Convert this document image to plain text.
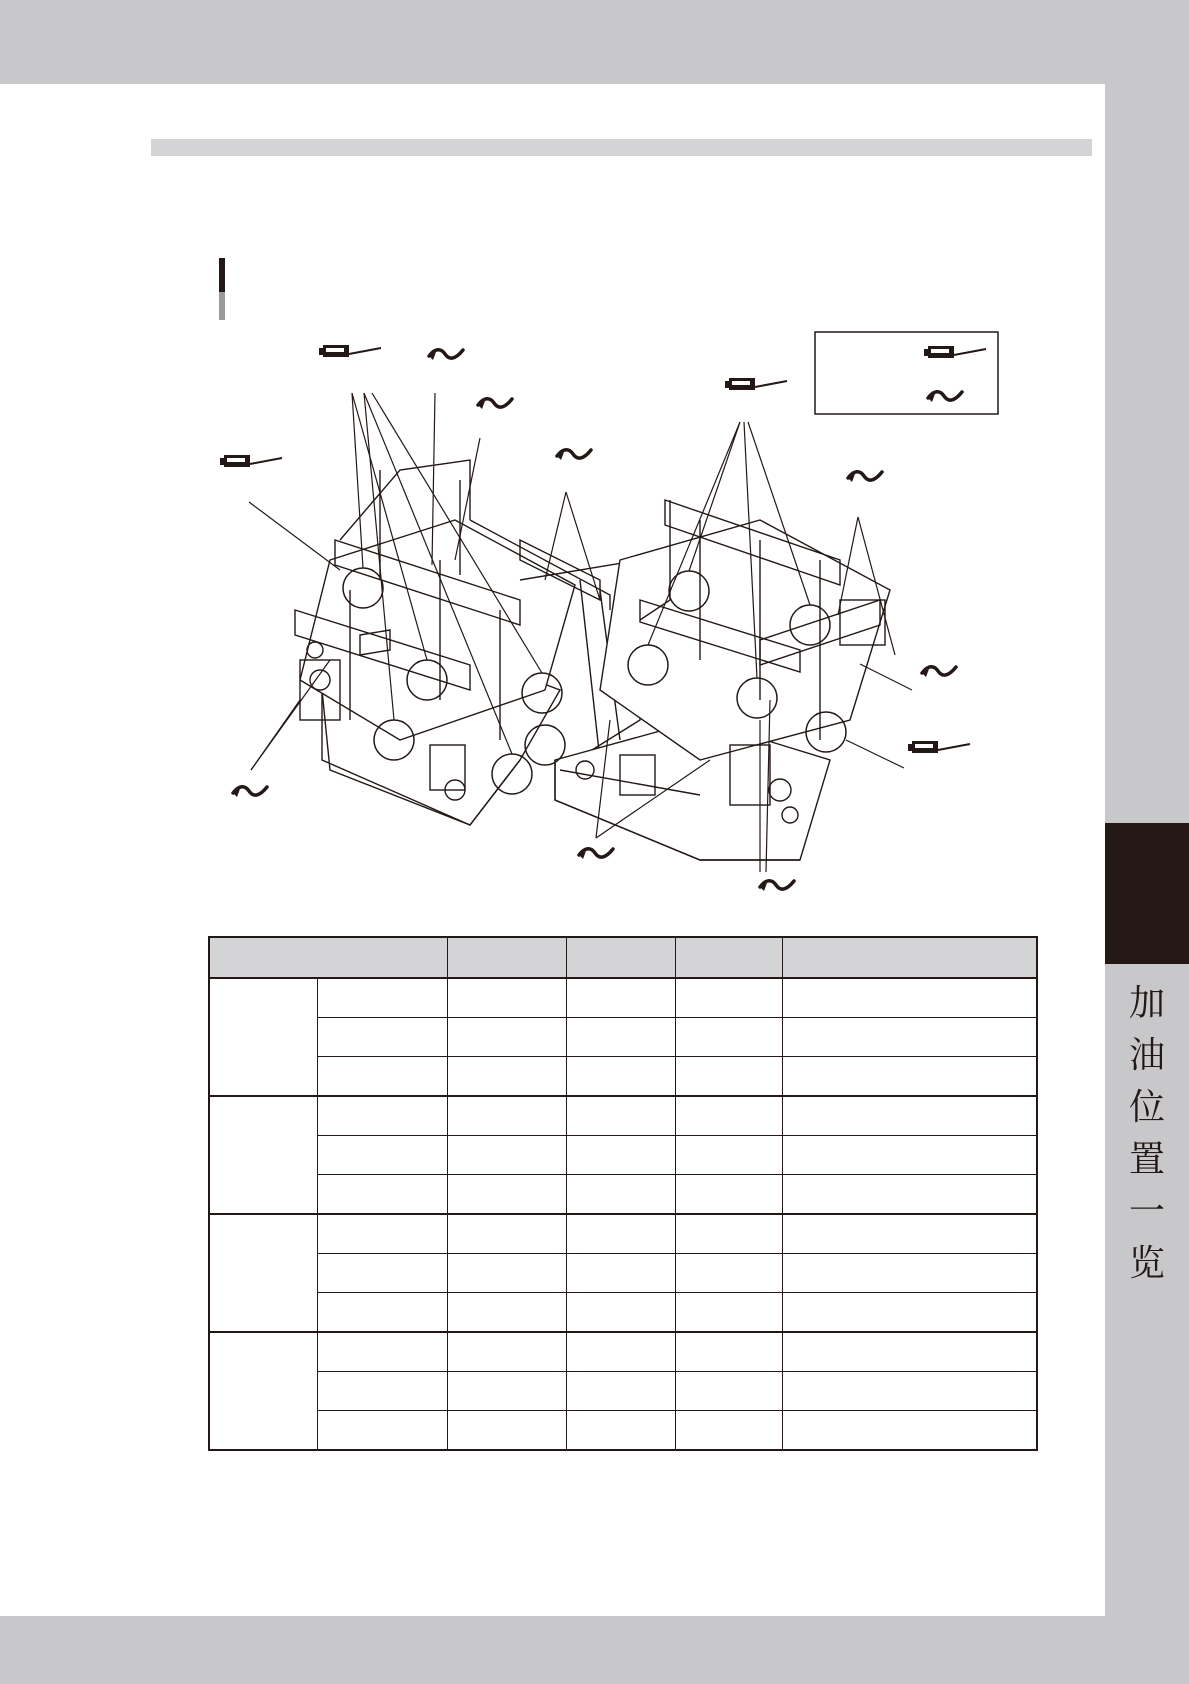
加
油
位
置
一
览
